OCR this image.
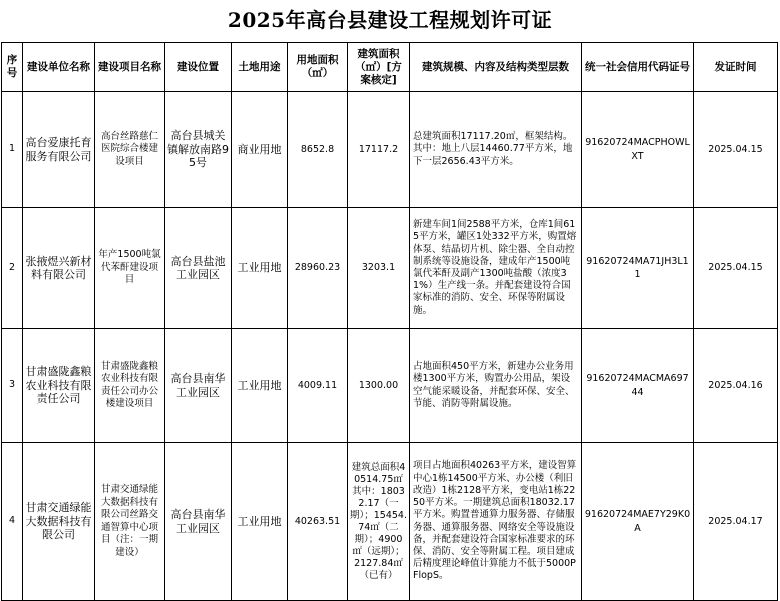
2025年高台县建设工程规划许可证
序号	建设单位名称	建设项目名称	建设位置	土地用途	用地面积（㎡）	建筑面积（㎡）[方案核定]	建筑规模、内容及结构类型层数	统一社会信用代码证号	发证时间
1	高台爱康托育服务有限公司	高台丝路慈仁医院综合楼建设项目	高台县城关镇解放南路95号	商业用地	8652.8	17117.2	总建筑面积17117.20㎡，框架结构。其中：地上八层14460.77平方米，地下一层2656.43平方米。	91620724MACPHOWLXT	2025.04.15
2	张掖煜兴新材料有限公司	年产1500吨氯代苯酐建设项目	高台县盐池工业园区	工业用地	28960.23	3203.1	新建车间1间2588平方米，仓库1间615平方米，罐区1处332平方米，购置熔体泵、结晶切片机、除尘器、全自动控制系统等设施设备，建成年产1500吨氯代苯酐及副产1300吨盐酸（浓度31%）生产线一条。并配套建设符合国家标准的消防、安全、环保等附属设施。	91620724MA71JH3L11	2025.04.15
3	甘肃盛陇鑫粮农业科技有限责任公司	甘肃盛陇鑫粮农业科技有限责任公司办公楼建设项目	高台县南华工业园区	工业用地	4009.11	1300.00	占地面积450平方米，新建办公业务用楼1300平方米，购置办公用品，架设空气能采暖设备，并配套环保、安全、节能、消防等附属设施。	91620724MACMA69744	2025.04.16
4	甘肃交通绿能大数据科技有限公司	甘肃交通绿能大数据科技有限公司丝路交通智算中心项目（注：一期建设）	高台县南华工业园区	工业用地	40263.51	建筑总面积40514.75㎡ 其中：18032.17（一期）；15454.74㎡（二期）；4900㎡（远期）；2127.84㎡（已有）	项目占地面积40263平方米，建设智算中心1栋14500平方米、办公楼（利旧改造）1栋2128平方米，变电站1栋2250平方米。一期建筑总面积18032.17平方米。购置普通算力服务器、存储服务器、通算服务器、网络安全等设施设备，并配套建设符合国家标准要求的环保、消防、安全等附属工程。项目建成后精度理论峰值计算能力不低于5000PFlopS。	91620724MAE7Y29K0A	2025.04.17
